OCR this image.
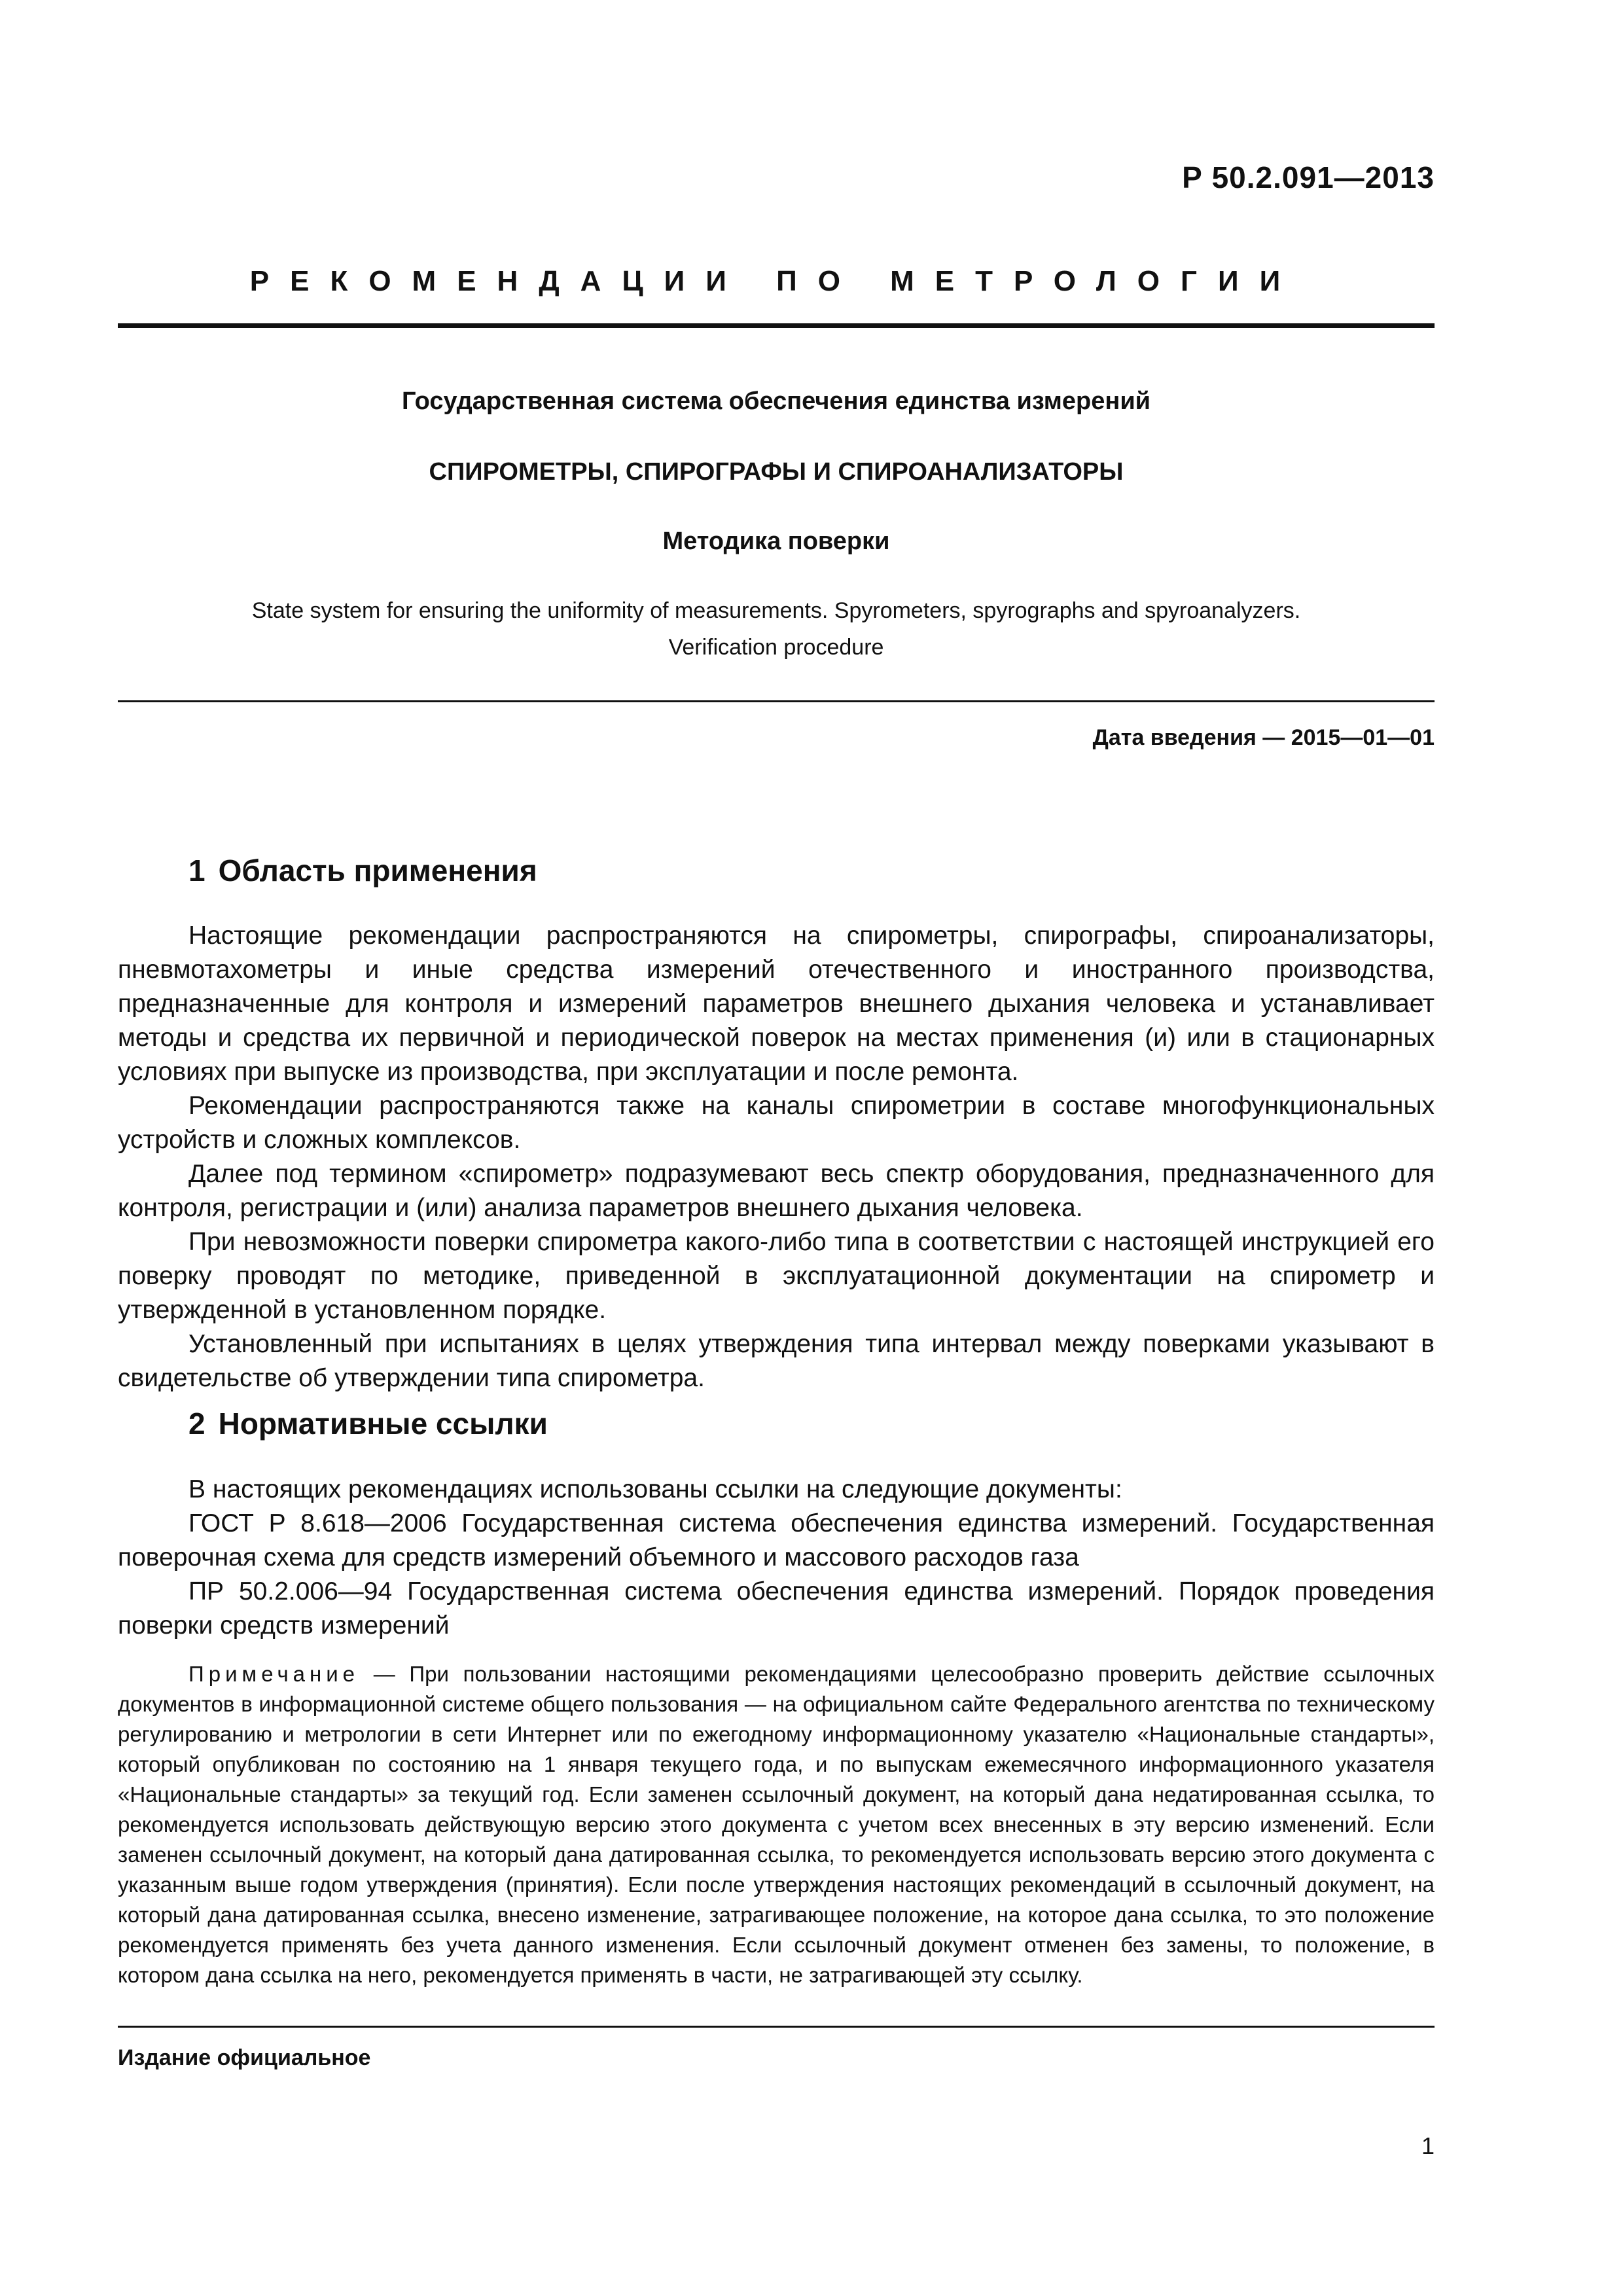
Р 50.2.091—2013
РЕКОМЕНДАЦИИ ПО МЕТРОЛОГИИ
Государственная система обеспечения единства измерений
СПИРОМЕТРЫ, СПИРОГРАФЫ И СПИРОАНАЛИЗАТОРЫ
Методика поверки
State system for ensuring the uniformity of measurements. Spyrometers, spyrographs and spyroanalyzers.
Verification procedure
Дата введения — 2015—01—01
1 Область применения

Настоящие рекомендации распространяются на спирометры, спирографы, спироанализаторы, пневмотахометры и иные средства измерений отечественного и иностранного производства, предназначенные для контроля и измерений параметров внешнего дыхания человека и устанавливает методы и средства их первичной и периодической поверок на местах применения (и) или в стационарных условиях при выпуске из производства, при эксплуатации и после ремонта.

Рекомендации распространяются также на каналы спирометрии в составе многофункциональных устройств и сложных комплексов.

Далее под термином «спирометр» подразумевают весь спектр оборудования, предназначенного для контроля, регистрации и (или) анализа параметров внешнего дыхания человека.

При невозможности поверки спирометра какого-либо типа в соответствии с настоящей инструкцией его поверку проводят по методике, приведенной в эксплуатационной документации на спирометр и утвержденной в установленном порядке.

Установленный при испытаниях в целях утверждения типа интервал между поверками указывают в свидетельстве об утверждении типа спирометра.

2 Нормативные ссылки

В настоящих рекомендациях использованы ссылки на следующие документы:

ГОСТ Р 8.618—2006 Государственная система обеспечения единства измерений. Государственная поверочная схема для средств измерений объемного и массового расходов газа

ПР 50.2.006—94 Государственная система обеспечения единства измерений. Порядок проведения поверки средств измерений

Примечание — При пользовании настоящими рекомендациями целесообразно проверить действие ссылочных документов в информационной системе общего пользования — на официальном сайте Федерального агентства по техническому регулированию и метрологии в сети Интернет или по ежегодному информационному указателю «Национальные стандарты», который опубликован по состоянию на 1 января текущего года, и по выпускам ежемесячного информационного указателя «Национальные стандарты» за текущий год. Если заменен ссылочный документ, на который дана недатированная ссылка, то рекомендуется использовать действующую версию этого документа с учетом всех внесенных в эту версию изменений. Если заменен ссылочный документ, на который дана датированная ссылка, то рекомендуется использовать версию этого документа с указанным выше годом утверждения (принятия). Если после утверждения настоящих рекомендаций в ссылочный документ, на который дана датированная ссылка, внесено изменение, затрагивающее положение, на которое дана ссылка, то это положение рекомендуется применять без учета данного изменения. Если ссылочный документ отменен без замены, то положение, в котором дана ссылка на него, рекомендуется применять в части, не затрагивающей эту ссылку.

Издание официальное
1
